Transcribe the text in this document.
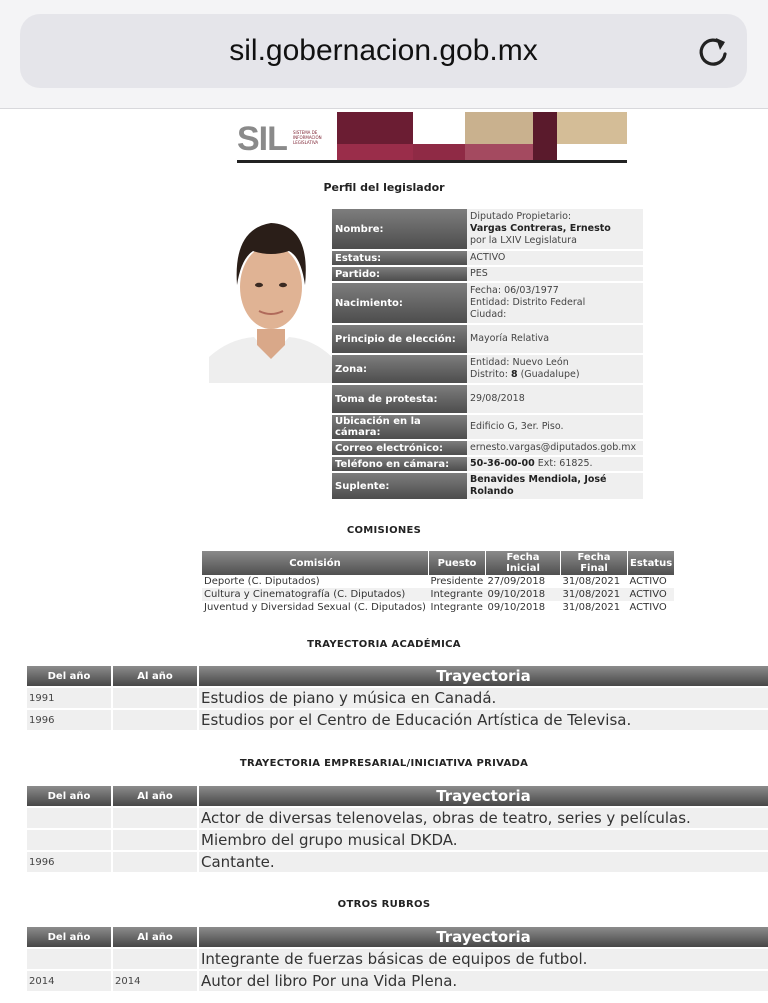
sil.gobernacion.gob.mx
SIL	SISTEMA DE INFORMACIÓN LEGISLATIVA
Perfil del legislador
Nombre:	Diputado Propietario:
Vargas Contreras, Ernesto
por la LXIV Legislatura
Estatus:	ACTIVO
Partido:	PES
Nacimiento:	Fecha: 06/03/1977
Entidad: Distrito Federal
Ciudad:
Principio de elección:	Mayoría Relativa
Zona:	Entidad: Nuevo León
Distrito: 8 (Guadalupe)
Toma de protesta:	29/08/2018
Ubicación en la cámara:	Edificio G, 3er. Piso.
Correo electrónico:	ernesto.vargas@diputados.gob.mx
Teléfono en cámara:	50-36-00-00 Ext: 61825.
Suplente:	Benavides Mendiola, José Rolando
COMISIONES
Comisión	Puesto	Fecha Inicial	Fecha Final	Estatus
Deporte (C. Diputados)	Presidente	27/09/2018	31/08/2021	ACTIVO
Cultura y Cinematografía (C. Diputados)	Integrante	09/10/2018	31/08/2021	ACTIVO
Juventud y Diversidad Sexual (C. Diputados)	Integrante	09/10/2018	31/08/2021	ACTIVO
TRAYECTORIA ACADÉMICA
Del año	Al año	Trayectoria
1991		Estudios de piano y música en Canadá.
1996		Estudios por el Centro de Educación Artística de Televisa.
TRAYECTORIA EMPRESARIAL/INICIATIVA PRIVADA
Del año	Al año	Trayectoria
		Actor de diversas telenovelas, obras de teatro, series y películas.
		Miembro del grupo musical DKDA.
1996		Cantante.
OTROS RUBROS
Del año	Al año	Trayectoria
		Integrante de fuerzas básicas de equipos de futbol.
2014	2014	Autor del libro Por una Vida Plena.
